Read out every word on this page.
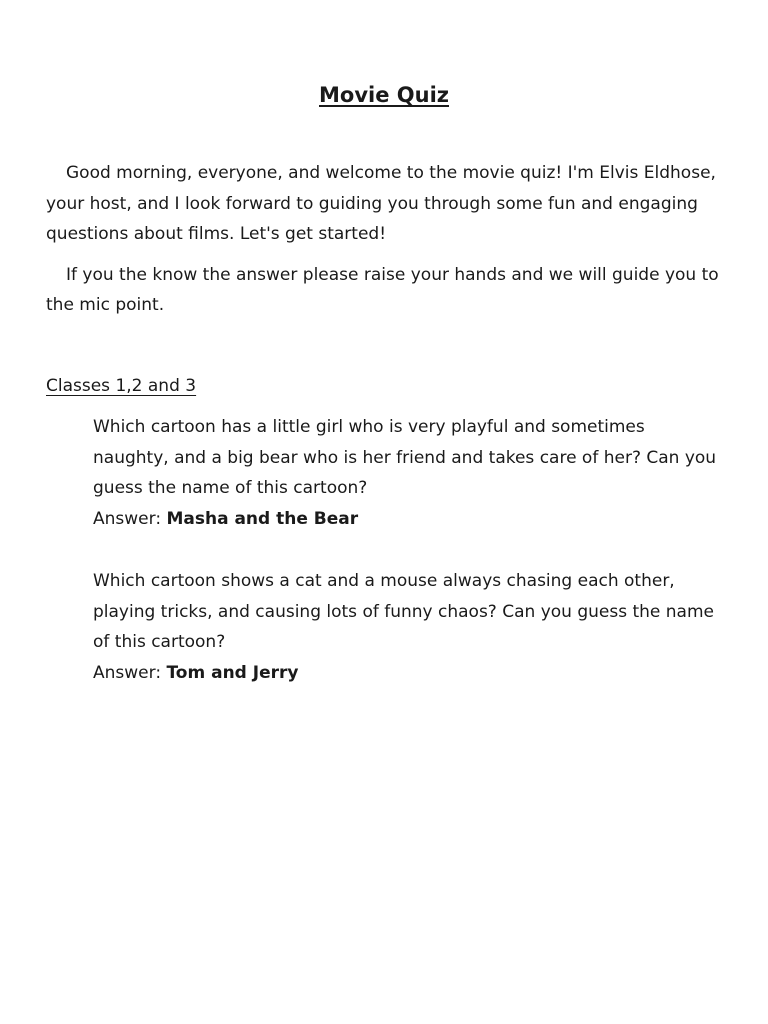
Movie Quiz

Good morning, everyone, and welcome to the movie quiz! I'm Elvis Eldhose, your host, and I look forward to guiding you through some fun and engaging questions about films. Let's get started!

If you the know the answer please raise your hands and we will guide you to the mic point.

Classes 1,2 and 3

Which cartoon has a little girl who is very playful and sometimes naughty, and a big bear who is her friend and takes care of her? Can you guess the name of this cartoon?

Answer: Masha and the Bear

Which cartoon shows a cat and a mouse always chasing each other, playing tricks, and causing lots of funny chaos? Can you guess the name of this cartoon?

Answer: Tom and Jerry
